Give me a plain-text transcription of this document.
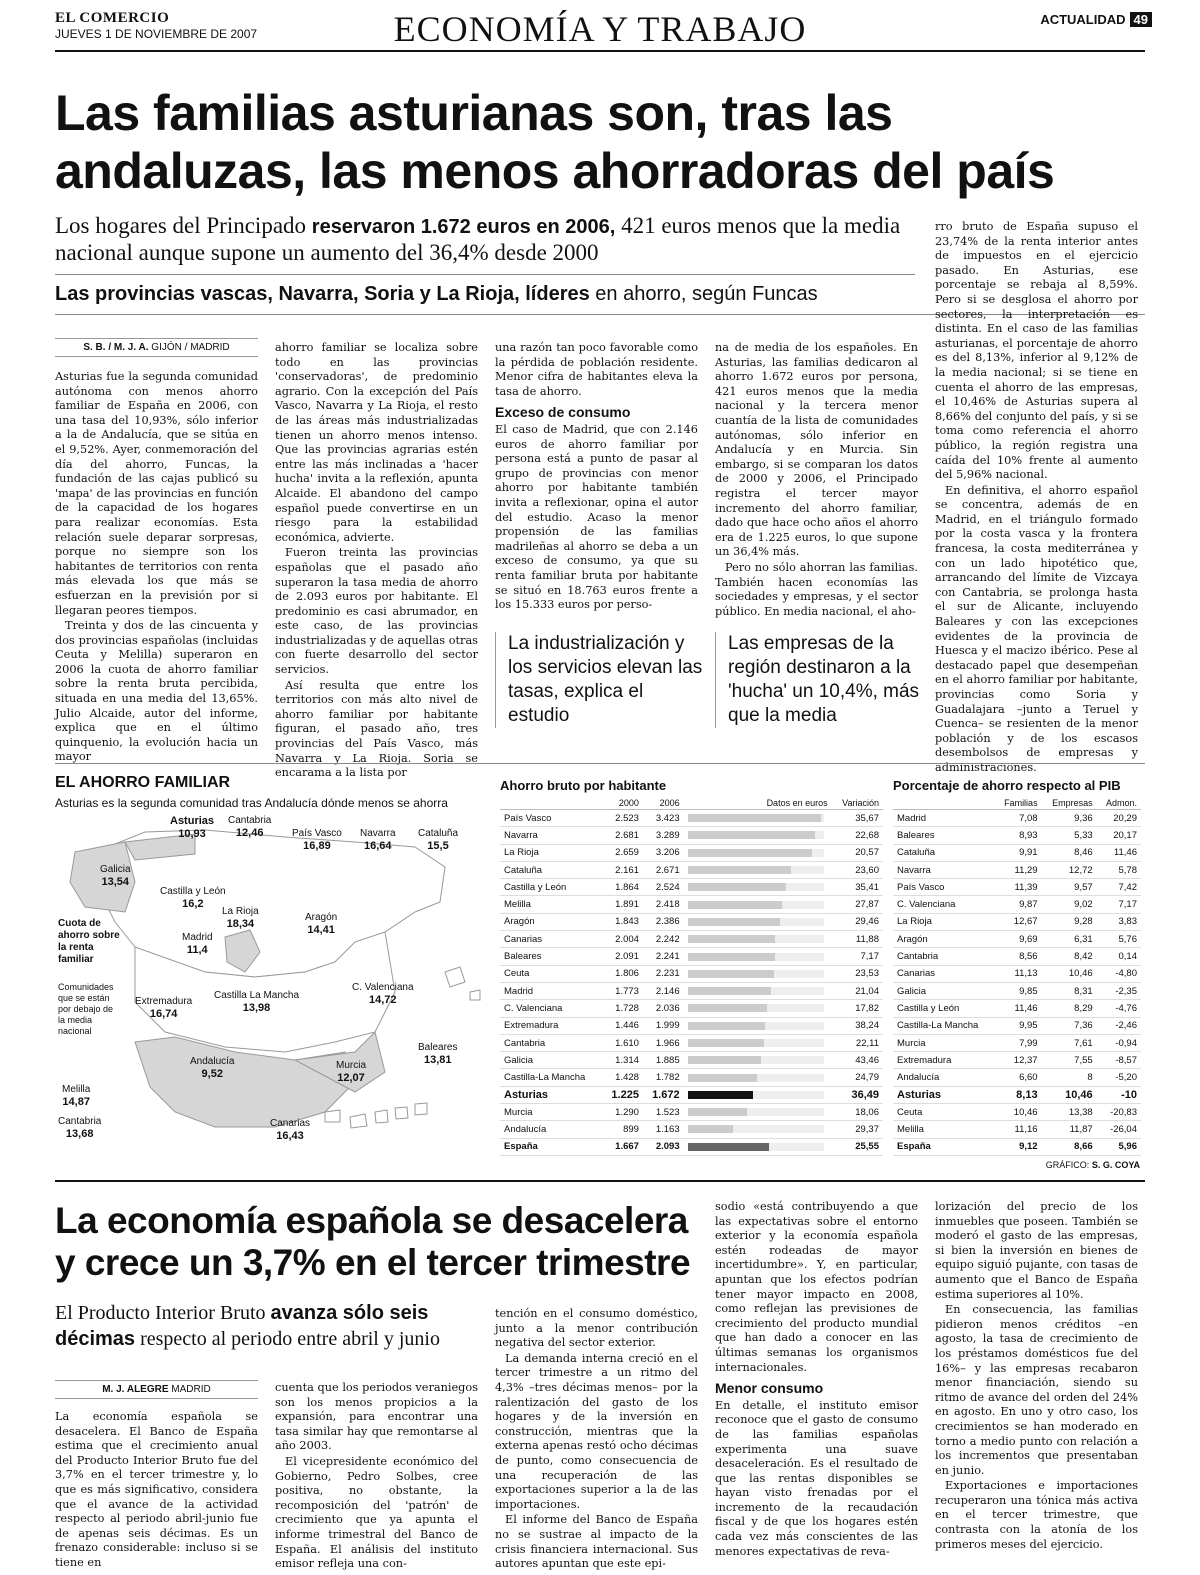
EL COMERCIO
JUEVES 1 DE NOVIEMBRE DE 2007	ECONOMÍA Y TRABAJO	ACTUALIDAD 49
Las familias asturianas son, tras las andaluzas, las menos ahorradoras del país
Los hogares del Principado reservaron 1.672 euros en 2006, 421 euros menos que la media nacional aunque supone un aumento del 36,4% desde 2000
Las provincias vascas, Navarra, Soria y La Rioja, líderes en ahorro, según Funcas
S. B. / M. J. A. GIJÓN / MADRID

Asturias fue la segunda comunidad autónoma con menos ahorro familiar de España en 2006, con una tasa del 10,93%, sólo inferior a la de Andalucía, que se sitúa en el 9,52%. Ayer, conmemoración del día del ahorro, Funcas, la fundación de las cajas publicó su 'mapa' de las provincias en función de la capacidad de los hogares para realizar economías. Esta relación suele deparar sorpresas, porque no siempre son los habitantes de territorios con renta más elevada los que más se esfuerzan en la previsión por si llegaran peores tiempos.

Treinta y dos de las cincuenta y dos provincias españolas (incluidas Ceuta y Melilla) superaron en 2006 la cuota de ahorro familiar sobre la renta bruta percibida, situada en una media del 13,65%. Julio Alcaide, autor del informe, explica que en el último quinquenio, la evolución hacia un mayor

ahorro familiar se localiza sobre todo en las provincias 'conservadoras', de predominio agrario. Con la excepción del País Vasco, Navarra y La Rioja, el resto de las áreas más industrializadas tienen un ahorro menos intenso. Que las provincias agrarias estén entre las más inclinadas a 'hacer hucha' invita a la reflexión, apunta Alcaide. El abandono del campo español puede convertirse en un riesgo para la estabilidad económica, advierte.

Fueron treinta las provincias españolas que el pasado año superaron la tasa media de ahorro de 2.093 euros por habitante. El predominio es casi abrumador, en este caso, de las provincias industrializadas y de aquellas otras con fuerte desarrollo del sector servicios.

Así resulta que entre los territorios con más alto nivel de ahorro familiar por habitante figuran, el pasado año, tres provincias del País Vasco, más Navarra y La Rioja. Soria se encarama a la lista por

una razón tan poco favorable como la pérdida de población residente. Menor cifra de habitantes eleva la tasa de ahorro.

Exceso de consumo

El caso de Madrid, que con 2.146 euros de ahorro familiar por persona está a punto de pasar al grupo de provincias con menor ahorro por habitante también invita a reflexionar, opina el autor del estudio. Acaso la menor propensión de las familias madrileñas al ahorro se deba a un exceso de consumo, ya que su renta familiar bruta por habitante se situó en 18.763 euros frente a los 15.333 euros por perso-

na de media de los españoles. En Asturias, las familias dedicaron al ahorro 1.672 euros por persona, 421 euros menos que la media nacional y la tercera menor cuantía de la lista de comunidades autónomas, sólo inferior en Andalucía y en Murcia. Sin embargo, si se comparan los datos de 2000 y 2006, el Principado registra el tercer mayor incremento del ahorro familiar, dado que hace ocho años el ahorro era de 1.225 euros, lo que supone un 36,4% más.

Pero no sólo ahorran las familias. También hacen economías las sociedades y empresas, y el sector público. En media nacional, el aho-

rro bruto de España supuso el 23,74% de la renta interior antes de impuestos en el ejercicio pasado. En Asturias, ese porcentaje se rebaja al 8,59%. Pero si se desglosa el ahorro por sectores, la interpretación es distinta. En el caso de las familias asturianas, el porcentaje de ahorro es del 8,13%, inferior al 9,12% de la media nacional; si se tiene en cuenta el ahorro de las empresas, el 10,46% de Asturias supera al 8,66% del conjunto del país, y si se toma como referencia el ahorro público, la región registra una caída del 10% frente al aumento del 5,96% nacional.

En definitiva, el ahorro español se concentra, además de en Madrid, en el triángulo formado por la costa vasca y la frontera francesa, la costa mediterránea y con un lado hipotético que, arrancando del límite de Vizcaya con Cantabria, se prolonga hasta el sur de Alicante, incluyendo Baleares y con las excepciones evidentes de la provincia de Huesca y el macizo ibérico. Pese al destacado papel que desempeñan en el ahorro familiar por habitante, provincias como Soria y Guadalajara –junto a Teruel y Cuenca– se resienten de la menor población y de los escasos desembolsos de empresas y administraciones.

La industrialización y los servicios elevan las tasas, explica el estudio
Las empresas de la región destinaron a la 'hucha' un 10,4%, más que la media
EL AHORRO FAMILIAR
Asturias es la segunda comunidad tras Andalucía dónde menos se ahorra
Asturias
10,93
Cantabria
12,46	País Vasco
16,89
Navarra
16,64
Cataluña
15,5
Galicia
13,54
Castilla y León
16,2
La Rioja
18,34
Aragón
14,41
Madrid
11,4
Extremadura
16,74
Castilla La Mancha
13,98
C. Valenciana
14,72
Baleares
13,81
Andalucía
9,52
Murcia
12,07
Melilla
14,87
Cantabria
13,68
Canarias
16,43
Cuota de ahorro sobre la renta familiar
Comunidades que se están por debajo de la media nacional
Ahorro bruto por habitante
	2000	2006	Datos en euros	Variación
País Vasco	2.523	3.423		35,67
Navarra	2.681	3.289		22,68
La Rioja	2.659	3.206		20,57
Cataluña	2.161	2.671		23,60
Castilla y León	1.864	2.524		35,41
Melilla	1.891	2.418		27,87
Aragón	1.843	2.386		29,46
Canarias	2.004	2.242		11,88
Baleares	2.091	2.241		7,17
Ceuta	1.806	2.231		23,53
Madrid	1.773	2.146		21,04
C. Valenciana	1.728	2.036		17,82
Extremadura	1.446	1.999		38,24
Cantabria	1.610	1.966		22,11
Galicia	1.314	1.885		43,46
Castilla-La Mancha	1.428	1.782		24,79
Asturias	1.225	1.672		36,49
Murcia	1.290	1.523		18,06
Andalucía	899	1.163		29,37
España	1.667	2.093		25,55
Porcentaje de ahorro respecto al PIB
	Familias	Empresas	Admon.
Madrid	7,08	9,36	20,29
Baleares	8,93	5,33	20,17
Cataluña	9,91	8,46	11,46
Navarra	11,29	12,72	5,78
País Vasco	11,39	9,57	7,42
C. Valenciana	9,87	9,02	7,17
La Rioja	12,67	9,28	3,83
Aragón	9,69	6,31	5,76
Cantabria	8,56	8,42	0,14
Canarias	11,13	10,46	-4,80
Galicia	9,85	8,31	-2,35
Castilla y León	11,46	8,29	-4,76
Castilla-La Mancha	9,95	7,36	-2,46
Murcia	7,99	7,61	-0,94
Extremadura	12,37	7,55	-8,57
Andalucía	6,60	8	-5,20
Asturias	8,13	10,46	-10
Ceuta	10,46	13,38	-20,83
Melilla	11,16	11,87	-26,04
España	9,12	8,66	5,96
GRÁFICO: S. G. COYA
La economía española se desacelera y crece un 3,7% en el tercer trimestre
El Producto Interior Bruto avanza sólo seis décimas respecto al periodo entre abril y junio
M. J. ALEGRE MADRID

La economía española se desacelera. El Banco de España estima que el crecimiento anual del Producto Interior Bruto fue del 3,7% en el tercer trimestre y, lo que es más significativo, considera que el avance de la actividad respecto al periodo abril-junio fue de apenas seis décimas. Es un frenazo considerable: incluso si se tiene en

cuenta que los periodos veraniegos son los menos propicios a la expansión, para encontrar una tasa similar hay que remontarse al año 2003.

El vicepresidente económico del Gobierno, Pedro Solbes, cree positiva, no obstante, la recomposición del 'patrón' de crecimiento que ya apunta el informe trimestral del Banco de España. El análisis del instituto emisor refleja una con-

tención en el consumo doméstico, junto a la menor contribución negativa del sector exterior.

La demanda interna creció en el tercer trimestre a un ritmo del 4,3% –tres décimas menos– por la ralentización del gasto de los hogares y de la inversión en construcción, mientras que la externa apenas restó ocho décimas de punto, como consecuencia de una recuperación de las exportaciones superior a la de las importaciones.

El informe del Banco de España no se sustrae al impacto de la crisis financiera internacional. Sus autores apuntan que este epi-

sodio «está contribuyendo a que las expectativas sobre el entorno exterior y la economía española estén rodeadas de mayor incertidumbre». Y, en particular, apuntan que los efectos podrían tener mayor impacto en 2008, como reflejan las previsiones de crecimiento del producto mundial que han dado a conocer en las últimas semanas los organismos internacionales.

Menor consumo

En detalle, el instituto emisor reconoce que el gasto de consumo de las familias españolas experimenta una suave desaceleración. Es el resultado de que las rentas disponibles se hayan visto frenadas por el incremento de la recaudación fiscal y de que los hogares estén cada vez más conscientes de las menores expectativas de reva-

lorización del precio de los inmuebles que poseen. También se moderó el gasto de las empresas, si bien la inversión en bienes de equipo siguió pujante, con tasas de aumento que el Banco de España estima superiores al 10%.

En consecuencia, las familias pidieron menos créditos –en agosto, la tasa de crecimiento de los préstamos domésticos fue del 16%– y las empresas recabaron menor financiación, siendo su ritmo de avance del orden del 24% en agosto. En uno y otro caso, los crecimientos se han moderado en torno a medio punto con relación a los incrementos que presentaban en junio.

Exportaciones e importaciones recuperaron una tónica más activa en el tercer trimestre, que contrasta con la atonía de los primeros meses del ejercicio.
